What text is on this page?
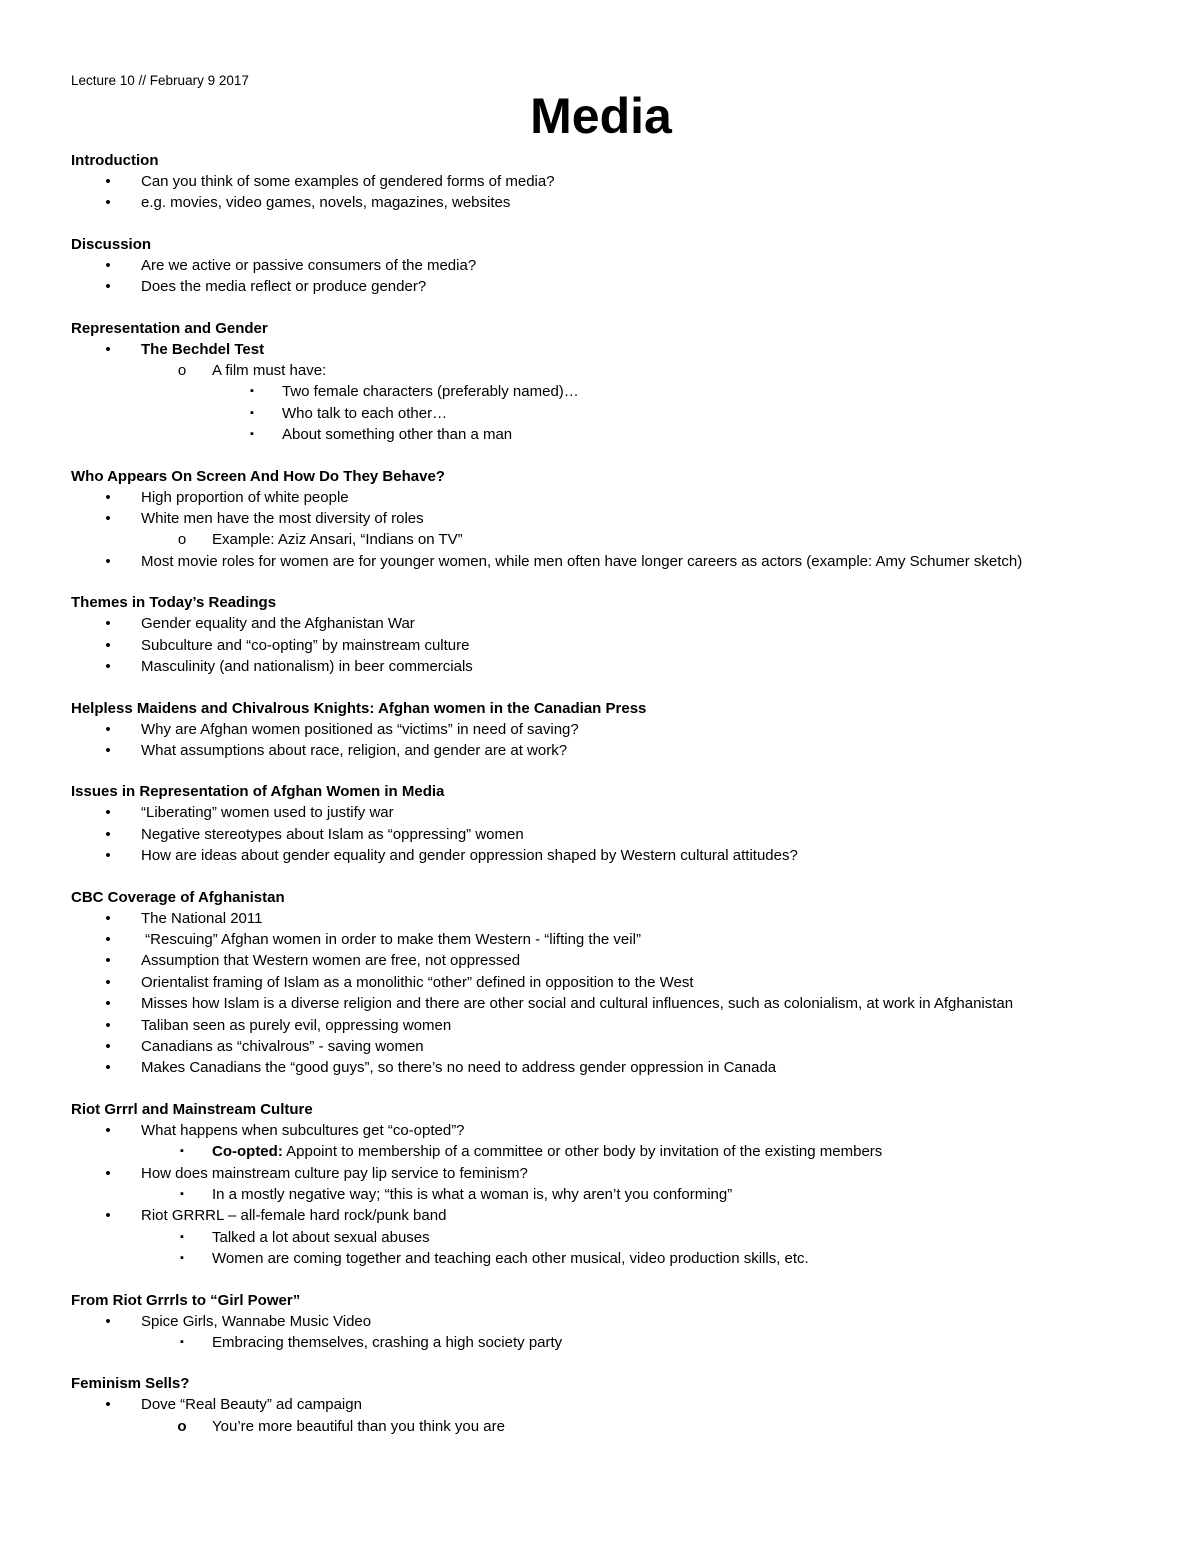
Lecture 10 // February 9 2017
Media
Introduction
• Can you think of some examples of gendered forms of media?
• e.g. movies, video games, novels, magazines, websites
Discussion
• Are we active or passive consumers of the media?
• Does the media reflect or produce gender?
Representation and Gender
• The Bechdel Test
o A film must have:
▪	Two female characters (preferably named)…
▪	Who talk to each other…
▪	About something other than a man
Who Appears On Screen And How Do They Behave?
• High proportion of white people
• White men have the most diversity of roles
o Example: Aziz Ansari, “Indians on TV”
• Most movie roles for women are for younger women, while men often have longer careers as actors (example: Amy Schumer sketch)
Themes in Today’s Readings
• Gender equality and the Afghanistan War
• Subculture and “co-opting” by mainstream culture
• Masculinity (and nationalism) in beer commercials
Helpless Maidens and Chivalrous Knights: Afghan women in the Canadian Press
• Why are Afghan women positioned as “victims” in need of saving?
• What assumptions about race, religion, and gender are at work?
Issues in Representation of Afghan Women in Media
• “Liberating” women used to justify war
• Negative stereotypes about Islam as “oppressing” women
• How are ideas about gender equality and gender oppression shaped by Western cultural attitudes?
CBC Coverage of Afghanistan
• The National 2011
• “Rescuing” Afghan women in order to make them Western - “lifting the veil”
• Assumption that Western women are free, not oppressed
• Orientalist framing of Islam as a monolithic “other” defined in opposition to the West
• Misses how Islam is a diverse religion and there are other social and cultural influences, such as colonialism, at work in Afghanistan
• Taliban seen as purely evil, oppressing women
• Canadians as “chivalrous” - saving women
• Makes Canadians the “good guys”, so there’s no need to address gender oppression in Canada
Riot Grrrl and Mainstream Culture
• What happens when subcultures get “co-opted”?
▪	Co-opted: Appoint to membership of a committee or other body by invitation of the existing members
• How does mainstream culture pay lip service to feminism?
▪	In a mostly negative way; “this is what a woman is, why aren’t you conforming”
• Riot GRRRL – all-female hard rock/punk band
▪	Talked a lot about sexual abuses
▪	Women are coming together and teaching each other musical, video production skills, etc.
From Riot Grrrls to “Girl Power”
• Spice Girls, Wannabe Music Video
▪	Embracing themselves, crashing a high society party
Feminism Sells?
• Dove “Real Beauty” ad campaign
o You’re more beautiful than you think you are
